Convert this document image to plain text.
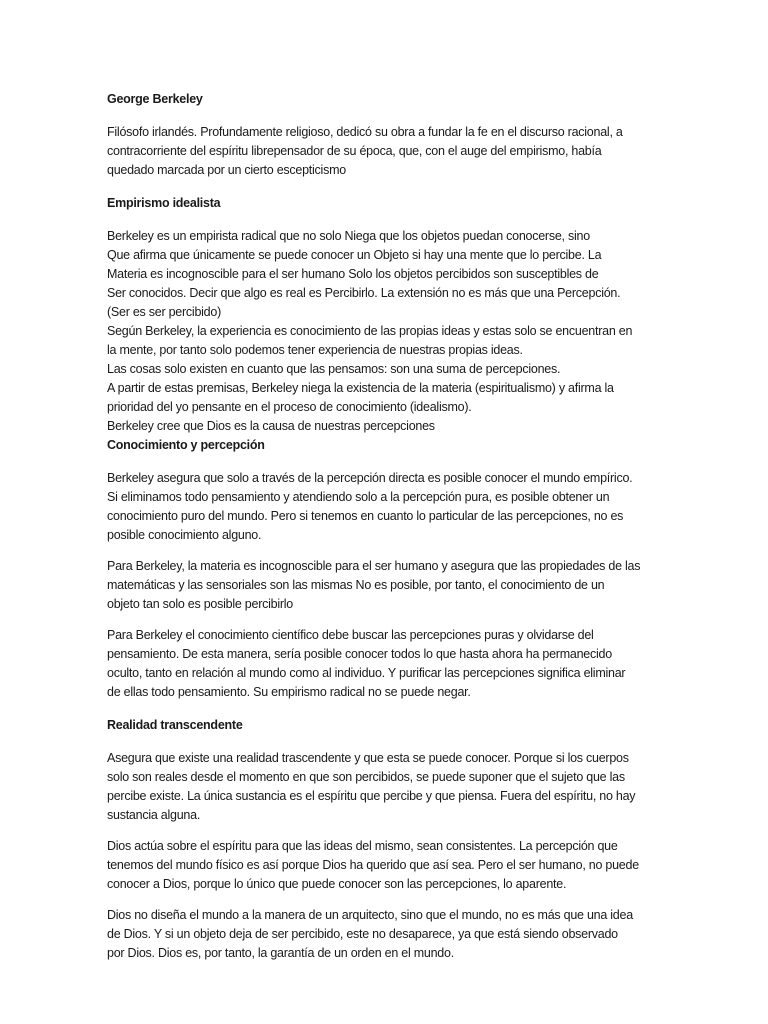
George Berkeley
Filósofo irlandés. Profundamente religioso, dedicó su obra a fundar la fe en el discurso racional, a
contracorriente del espíritu librepensador de su época, que, con el auge del empirismo, había
quedado marcada por un cierto escepticismo
Empirismo idealista
Berkeley es un empirista radical que no solo Niega que los objetos puedan conocerse, sino
Que afirma que únicamente se puede conocer un Objeto si hay una mente que lo percibe. La
Materia es incognoscible para el ser humano Solo los objetos percibidos son susceptibles de
Ser conocidos. Decir que algo es real es Percibirlo. La extensión no es más que una Percepción.
(Ser es ser percibido)
Según Berkeley, la experiencia es conocimiento de las propias ideas y estas solo se encuentran en
la mente, por tanto solo podemos tener experiencia de nuestras propias ideas.
Las cosas solo existen en cuanto que las pensamos: son una suma de percepciones.
A partir de estas premisas, Berkeley niega la existencia de la materia (espiritualismo) y afirma la
prioridad del yo pensante en el proceso de conocimiento (idealismo).
Berkeley cree que Dios es la causa de nuestras percepciones
Conocimiento y percepción
Berkeley asegura que solo a través de la percepción directa es posible conocer el mundo empírico.
Si eliminamos todo pensamiento y atendiendo solo a la percepción pura, es posible obtener un
conocimiento puro del mundo. Pero si tenemos en cuanto lo particular de las percepciones, no es
posible conocimiento alguno.
Para Berkeley, la materia es incognoscible para el ser humano y asegura que las propiedades de las
matemáticas y las sensoriales son las mismas No es posible, por tanto, el conocimiento de un
objeto tan solo es posible percibirlo
Para Berkeley el conocimiento científico debe buscar las percepciones puras y olvidarse del
pensamiento. De esta manera, sería posible conocer todos lo que hasta ahora ha permanecido
oculto, tanto en relación al mundo como al individuo. Y purificar las percepciones significa eliminar
de ellas todo pensamiento. Su empirismo radical no se puede negar.
Realidad transcendente
Asegura que existe una realidad trascendente y que esta se puede conocer. Porque si los cuerpos
solo son reales desde el momento en que son percibidos, se puede suponer que el sujeto que las
percibe existe. La única sustancia es el espíritu que percibe y que piensa. Fuera del espíritu, no hay
sustancia alguna.
Dios actúa sobre el espíritu para que las ideas del mismo, sean consistentes. La percepción que
tenemos del mundo físico es así porque Dios ha querido que así sea. Pero el ser humano, no puede
conocer a Dios, porque lo único que puede conocer son las percepciones, lo aparente.
Dios no diseña el mundo a la manera de un arquitecto, sino que el mundo, no es más que una idea
de Dios. Y si un objeto deja de ser percibido, este no desaparece, ya que está siendo observado
por Dios. Dios es, por tanto, la garantía de un orden en el mundo.
